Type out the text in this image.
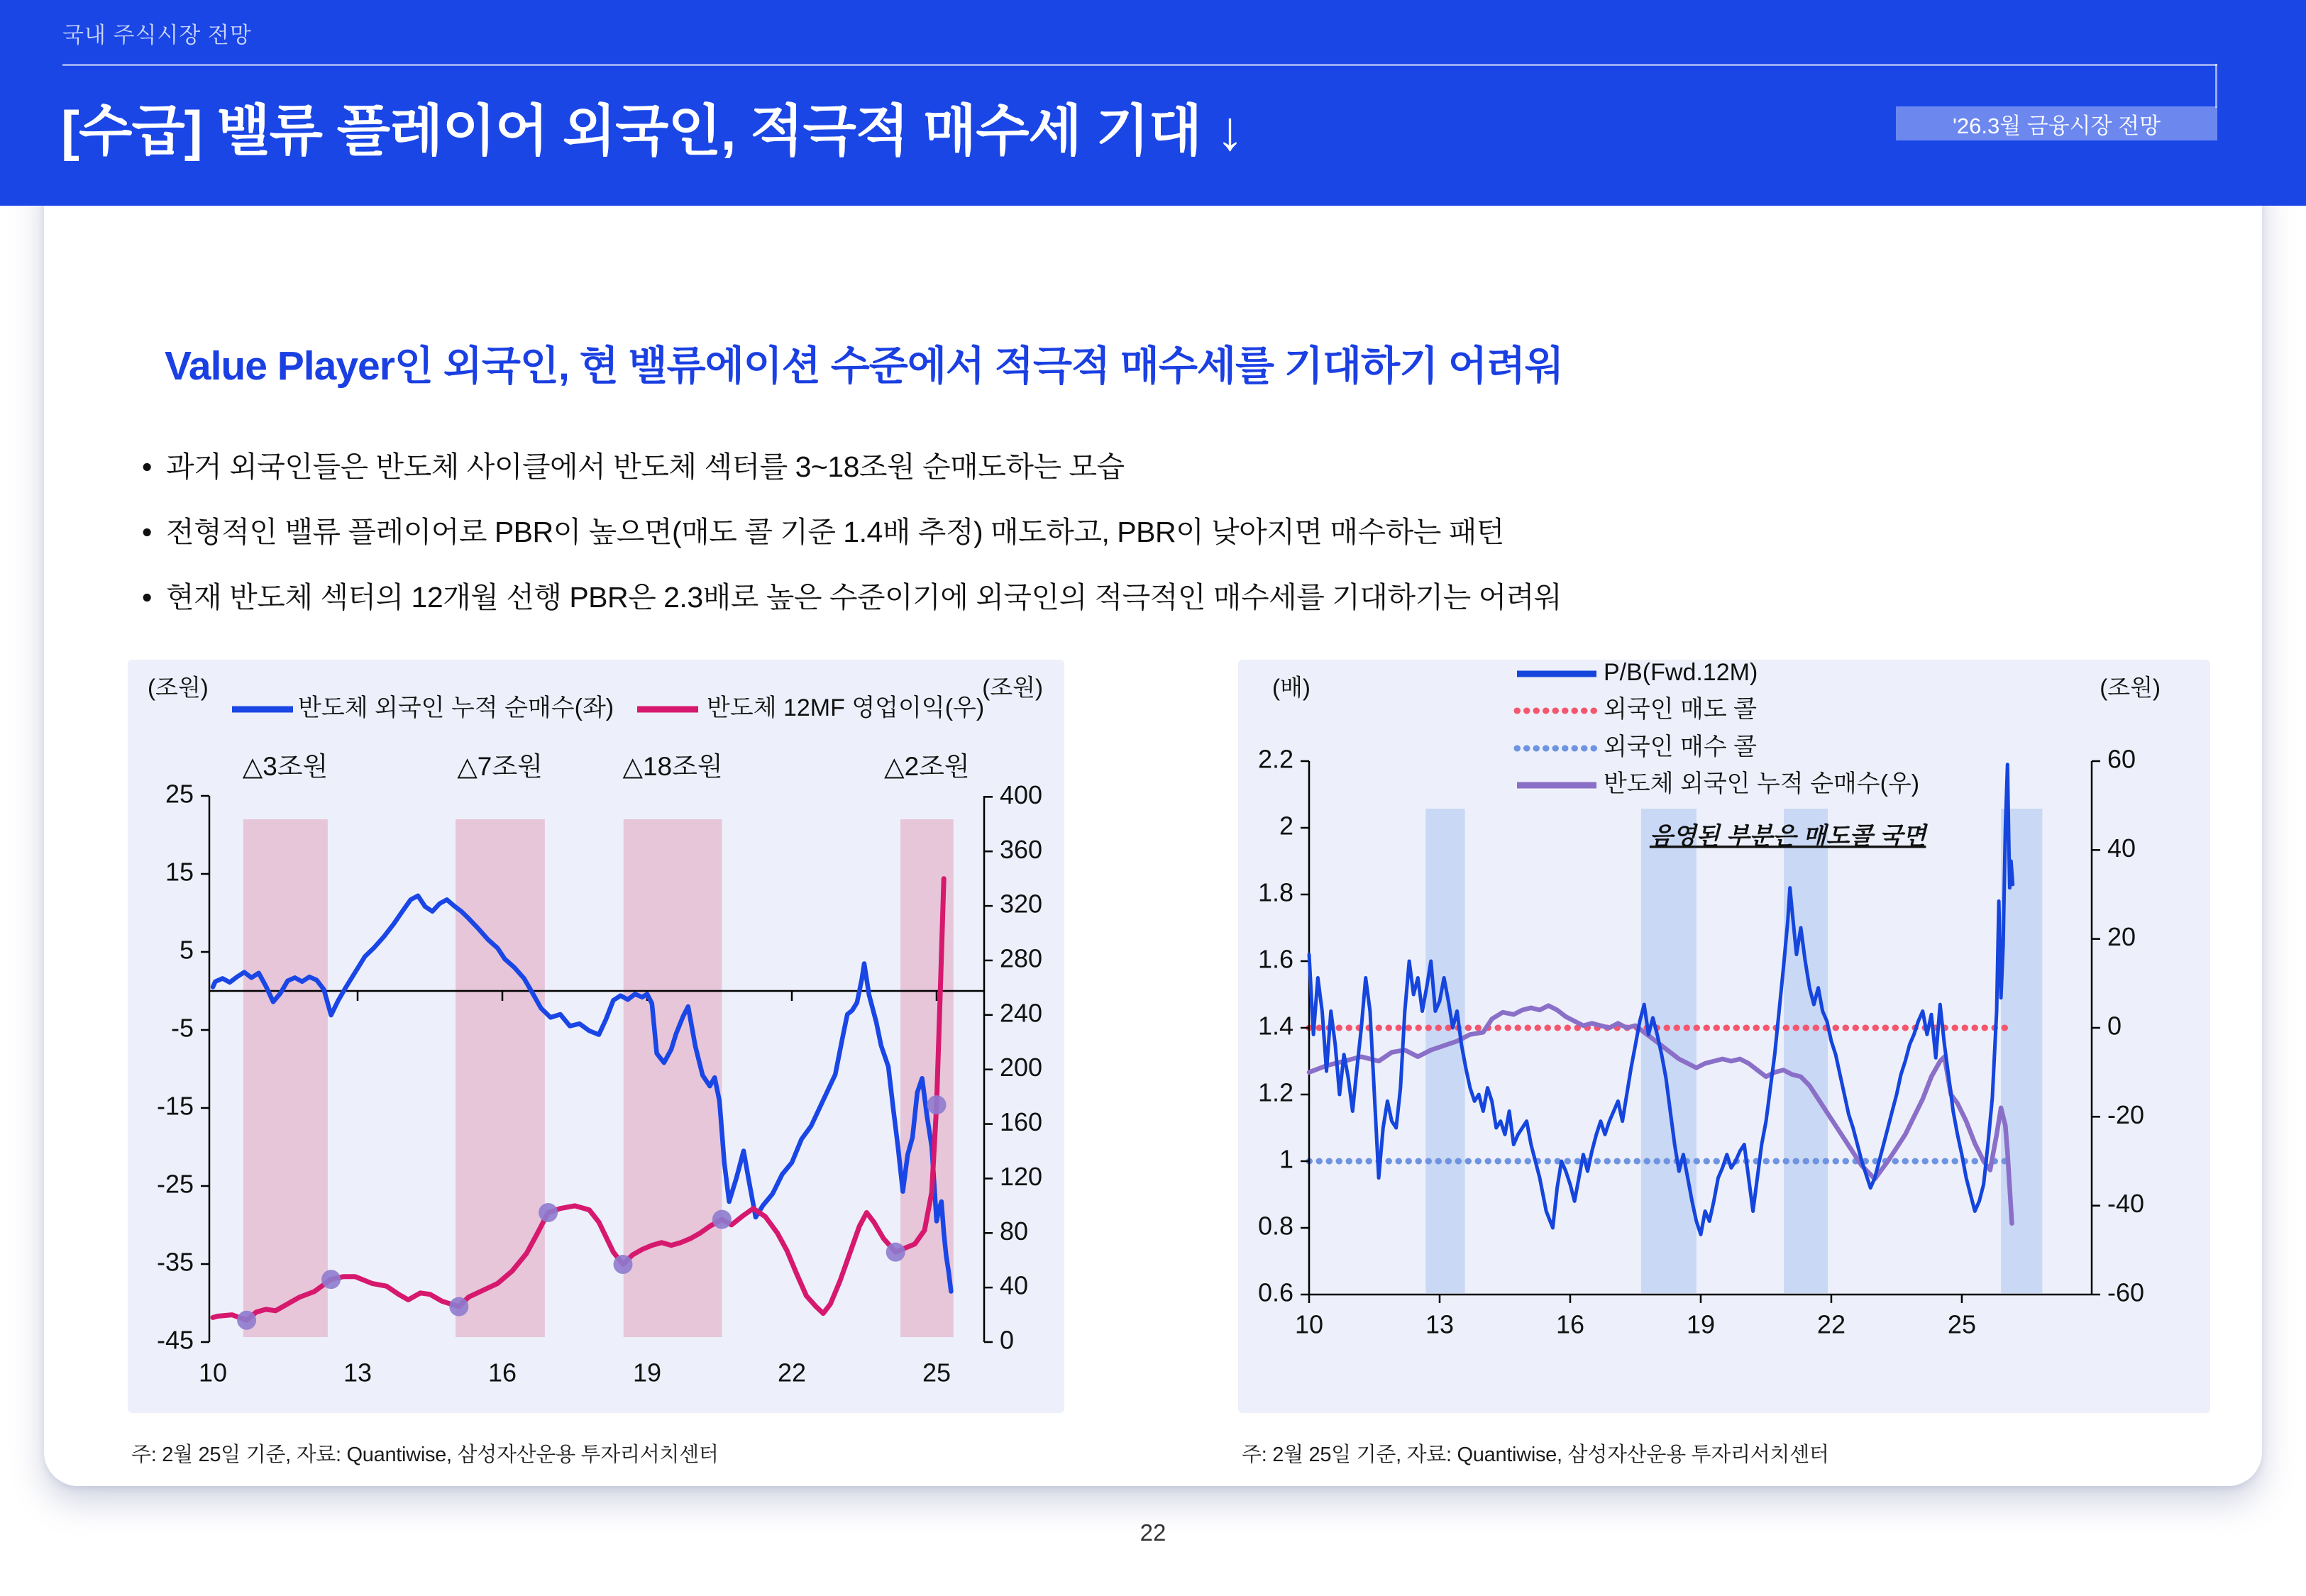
국내 주식시장 전망
[수급] 밸류 플레이어 외국인, 적극적 매수세 기대 ↓	'26.3월 금융시장 전망
Value Player인 외국인, 현 밸류에이션 수준에서 적극적 매수세를 기대하기 어려워
• 과거 외국인들은 반도체 사이클에서 반도체 섹터를 3~18조원 순매도하는 모습
• 전형적인 밸류 플레이어로 PBR이 높으면(매도 콜 기준 1.4배 추정) 매도하고, PBR이 낮아지면 매수하는 패턴
• 현재 반도체 섹터의 12개월 선행 PBR은 2.3배로 높은 수준이기에 외국인의 적극적인 매수세를 기대하기는 어려워
25
15
5
-5
-15
-25
-35
-45
400
360
320
280
240
200
160
120
80
40
0
10	13	16	19	22	25
(조원)	(조원)
△3조원	△7조원	△18조원	△2조원
반도체 외국인 누적 순매수(좌)	반도체 12MF 영업이익(우)
2.2
2
1.8
1.6
1.4
1.2
1
0.8
0.6
60
40
20
0
-20
-40
-60
10	13	16	19	22	25
(배)	(조원)
음영된 부분은 매도콜 국면
P/B(Fwd.12M)
외국인 매도 콜
외국인 매수 콜
반도체 외국인 누적 순매수(우)
주: 2월 25일 기준, 자료: Quantiwise, 삼성자산운용 투자리서치센터	주: 2월 25일 기준, 자료: Quantiwise, 삼성자산운용 투자리서치센터
22
